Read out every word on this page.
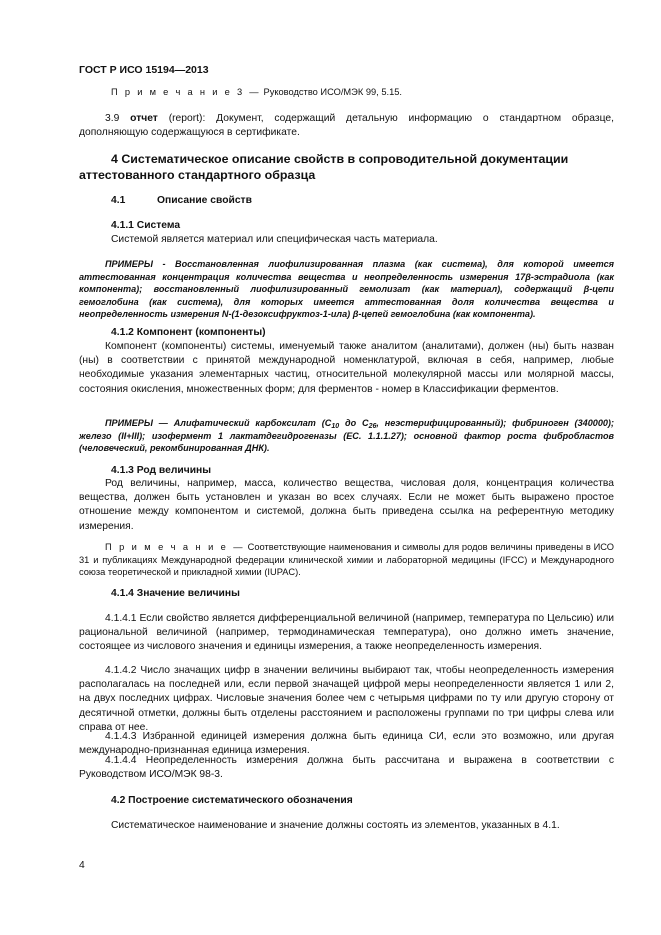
ГОСТ Р ИСО 15194—2013

П р и м е ч а н и е 3 — Руководство ИСО/МЭК 99, 5.15.

3.9 отчет (report): Документ, содержащий детальную информацию о стандартном образце, дополняющую содержащуюся в сертификате.

4 Систематическое описание свойств в сопроводительной документации аттестованного стандартного образца

4.1	Описание свойств
4.1.1 Система

Системой является материал или специфическая часть материала.

ПРИМЕРЫ - Восстановленная лиофилизированная плазма (как система), для которой имеется аттестованная концентрация количества вещества и неопределенность измерения 17β-эстрадиола (как компонента); восстановленный лиофилизированный гемолизат (как материал), содержащий β-цепи гемоглобина (как система), для которых имеется аттестованная доля количества вещества и неопределенность измерения N-(1-дезоксифруктоз-1-ила) β-цепей гемоглобина (как компонента).

4.1.2 Компонент (компоненты)

Компонент (компоненты) системы, именуемый также аналитом (аналитами), должен (ны) быть назван (ны) в соответствии с принятой международной номенклатурой, включая в себя, например, любые необходимые указания элементарных частиц, относительной молекулярной массы или молярной массы, состояния окисления, множественных форм; для ферментов - номер в Классификации ферментов.

ПРИМЕРЫ — Алифатический карбоксилат ($С_{10}$ до $С_{26}$, неэстерифицированный); фибриноген (340000); железо (II+III); изофермент 1 лактатдегидрогеназы (ЕС. 1.1.1.27); основной фактор роста фибробластов (человеческий, рекомбинированная ДНК).

4.1.3 Род величины

Род величины, например, масса, количество вещества, числовая доля, концентрация количества вещества, должен быть установлен и указан во всех случаях. Если не может быть выражено простое отношение между компонентом и системой, должна быть приведена ссылка на референтную методику измерения.

П р и м е ч а н и е — Соответствующие наименования и символы для родов величины приведены в ИСО 31 и публикациях Международной федерации клинической химии и лабораторной медицины (IFCC) и Международного союза теоретической и прикладной химии (IUPAC).

4.1.4 Значение величины

4.1.4.1 Если свойство является дифференциальной величиной (например, температура по Цельсию) или рациональной величиной (например, термодинамическая температура), оно должно иметь значение, состоящее из числового значения и единицы измерения, а также неопределенность измерения.

4.1.4.2 Число значащих цифр в значении величины выбирают так, чтобы неопределенность измерения располагалась на последней или, если первой значащей цифрой меры неопределенности является 1 или 2, на двух последних цифрах. Числовые значения более чем с четырьмя цифрами по ту или другую сторону от десятичной отметки, должны быть отделены расстоянием и расположены группами по три цифры слева или справа от нее.

4.1.4.3 Избранной единицей измерения должна быть единица СИ, если это возможно, или другая международно-признанная единица измерения.

4.1.4.4 Неопределенность измерения должна быть рассчитана и выражена в соответствии с Руководством ИСО/МЭК 98-3.

4.2 Построение систематического обозначения

Систематическое наименование и значение должны состоять из элементов, указанных в 4.1.

4
